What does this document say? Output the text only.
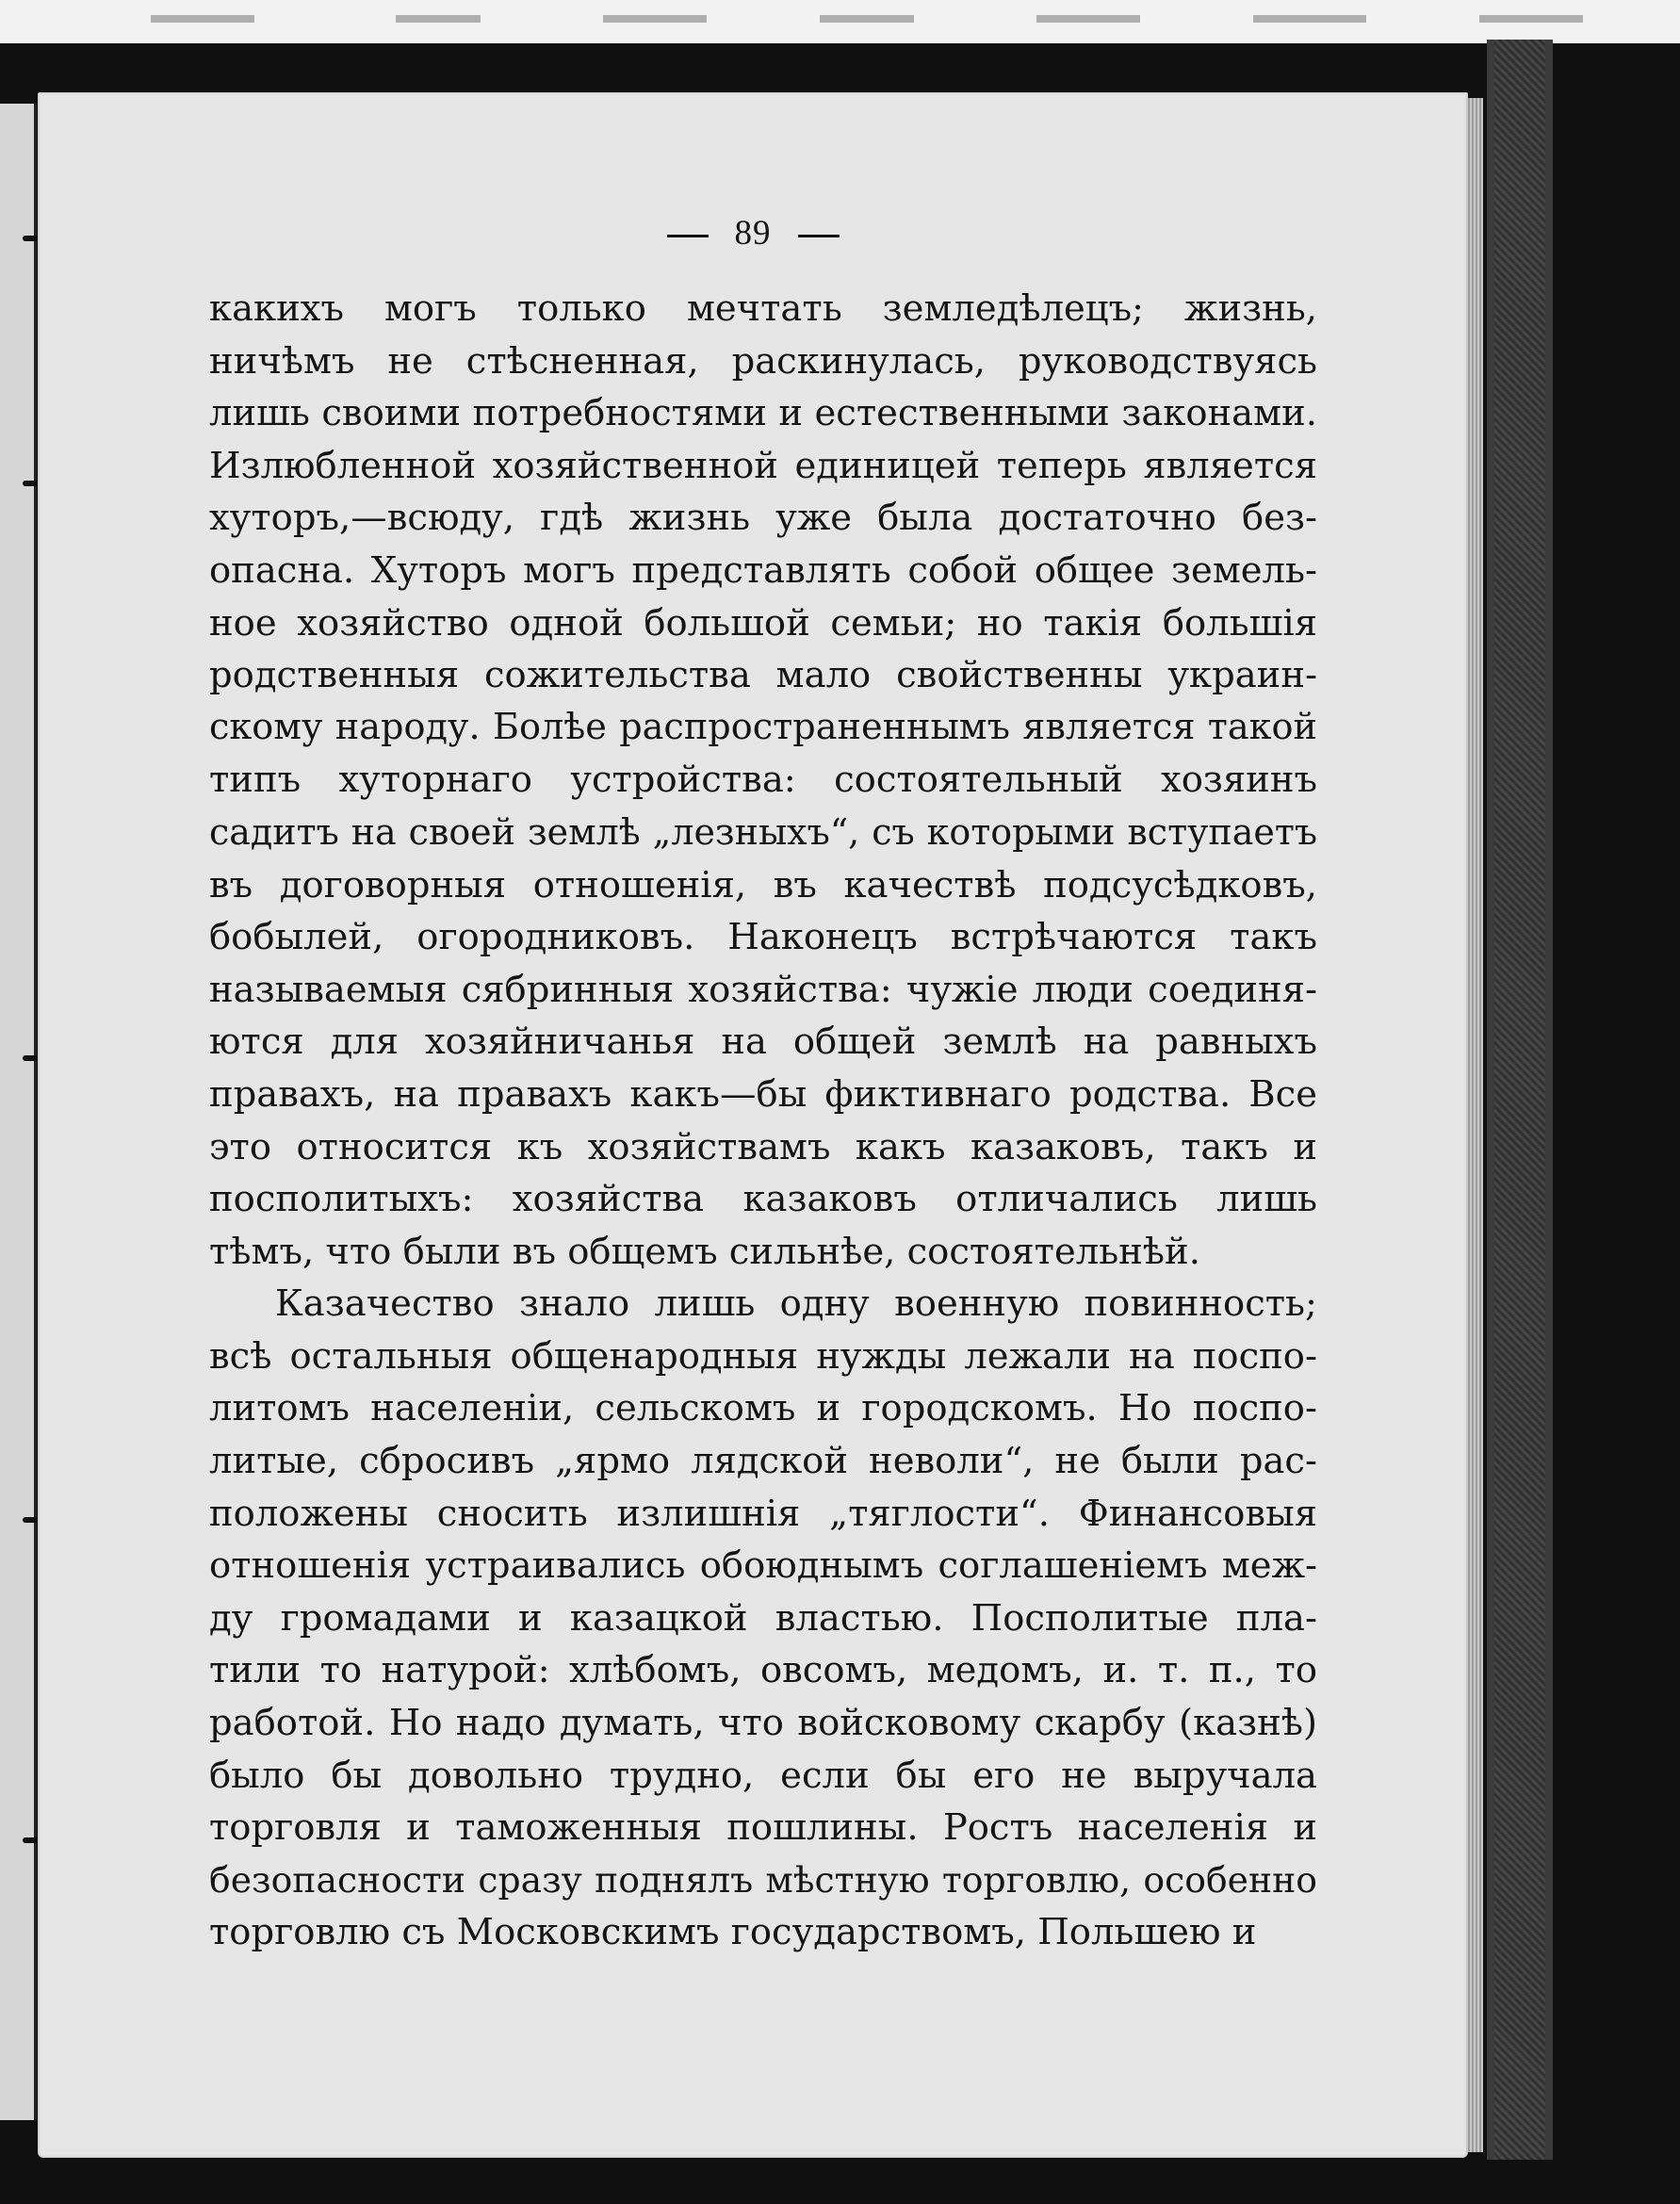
89
какихъ могъ только мечтать земледѣлецъ; жизнь,
ничѣмъ не стѣсненная, раскинулась, руководствуясь
лишь своими потребностями и естественными законами.
Излюбленной хозяйственной единицей теперь является
хуторъ,—всюду, гдѣ жизнь уже была достаточно без-
опасна. Хуторъ могъ представлять собой общее земель-
ное хозяйство одной большой семьи; но такія большія
родственныя сожительства мало свойственны украин-
скому народу. Болѣе распространеннымъ является такой
типъ хуторнаго устройства: состоятельный хозяинъ
садитъ на своей землѣ „лезныхъ“, съ которыми вступаетъ
въ договорныя отношенія, въ качествѣ подсусѣдковъ,
бобылей, огородниковъ. Наконецъ встрѣчаются такъ
называемыя сябринныя хозяйства: чужіе люди соединя-
ются для хозяйничанья на общей землѣ на равныхъ
правахъ, на правахъ какъ—бы фиктивнаго родства. Все
это относится къ хозяйствамъ какъ казаковъ, такъ и
посполитыхъ: хозяйства казаковъ отличались лишь
тѣмъ, что были въ общемъ сильнѣе, состоятельнѣй.
Казачество знало лишь одну военную повинность;
всѣ остальныя общенародныя нужды лежали на поспо-
литомъ населеніи, сельскомъ и городскомъ. Но поспо-
литые, сбросивъ „ярмо лядской неволи“, не были рас-
положены сносить излишнія „тяглости“. Финансовыя
отношенія устраивались обоюднымъ соглашеніемъ меж-
ду громадами и казацкой властью. Посполитые пла-
тили то натурой: хлѣбомъ, овсомъ, медомъ, и. т. п., то
работой. Но надо думать, что войсковому скарбу (казнѣ)
было бы довольно трудно, если бы его не выручала
торговля и таможенныя пошлины. Ростъ населенія и
безопасности сразу поднялъ мѣстную торговлю, особенно
торговлю съ Московскимъ государствомъ, Польшею и
